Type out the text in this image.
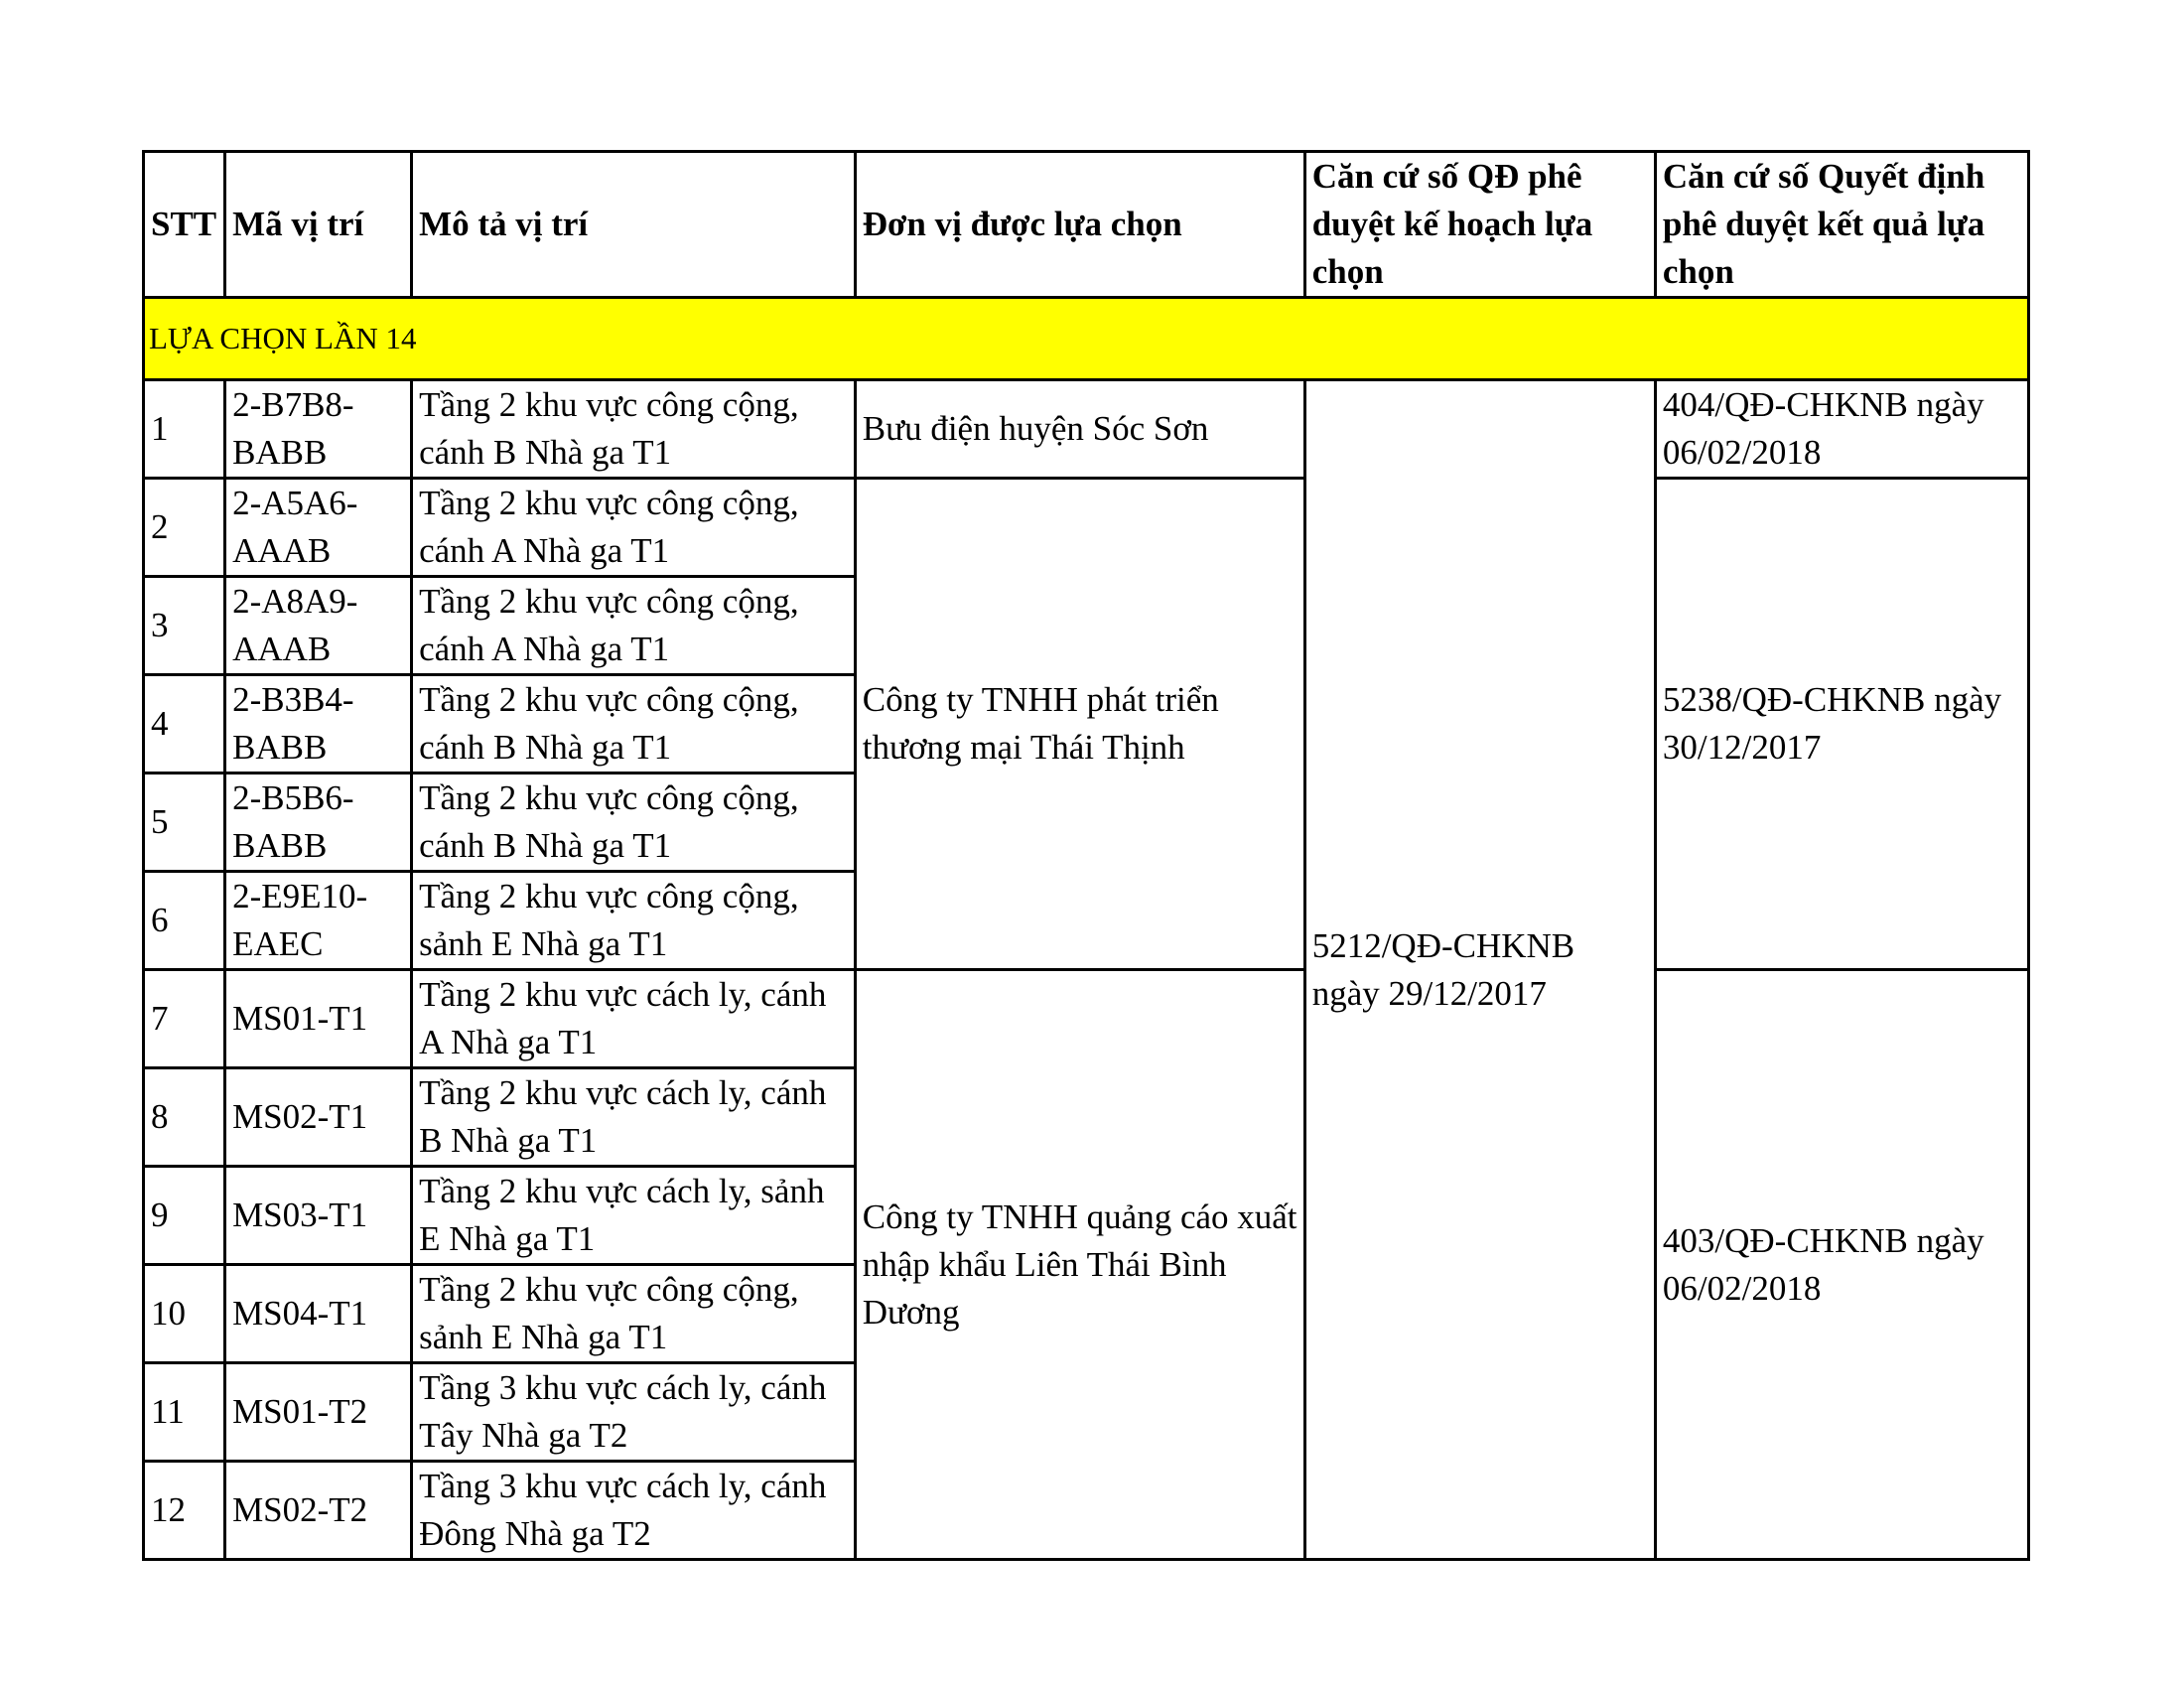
STT	Mã vị trí	Mô tả vị trí	Đơn vị được lựa chọn	Căn cứ số QĐ phê duyệt kế hoạch lựa chọn	Căn cứ số Quyết định phê duyệt kết quả lựa chọn
LỰA CHỌN LẦN 14					
1	2-B7B8-BABB	Tầng 2 khu vực công cộng, cánh B Nhà ga T1	Bưu điện huyện Sóc Sơn	5212/QĐ-CHKNB ngày 29/12/2017	404/QĐ-CHKNB ngày 06/02/2018
2	2-A5A6-AAAB	Tầng 2 khu vực công cộng, cánh A Nhà ga T1	Công ty TNHH phát triển thương mại Thái Thịnh		5238/QĐ-CHKNB ngày 30/12/2017
3	2-A8A9-AAAB	Tầng 2 khu vực công cộng, cánh A Nhà ga T1			
4	2-B3B4-BABB	Tầng 2 khu vực công cộng, cánh B Nhà ga T1			
5	2-B5B6-BABB	Tầng 2 khu vực công cộng, cánh B Nhà ga T1			
6	2-E9E10-EAEC	Tầng 2 khu vực công cộng, sảnh E Nhà ga T1			
7	MS01-T1	Tầng 2 khu vực cách ly, cánh A Nhà ga T1	Công ty TNHH quảng cáo xuất nhập khẩu Liên Thái Bình Dương		403/QĐ-CHKNB ngày 06/02/2018
8	MS02-T1	Tầng 2 khu vực cách ly, cánh B Nhà ga T1			
9	MS03-T1	Tầng 2 khu vực cách ly, sảnh E Nhà ga T1			
10	MS04-T1	Tầng 2 khu vực công cộng, sảnh E Nhà ga T1			
11	MS01-T2	Tầng 3 khu vực cách ly, cánh Tây Nhà ga T2			
12	MS02-T2	Tầng 3 khu vực cách ly, cánh Đông Nhà ga T2			
